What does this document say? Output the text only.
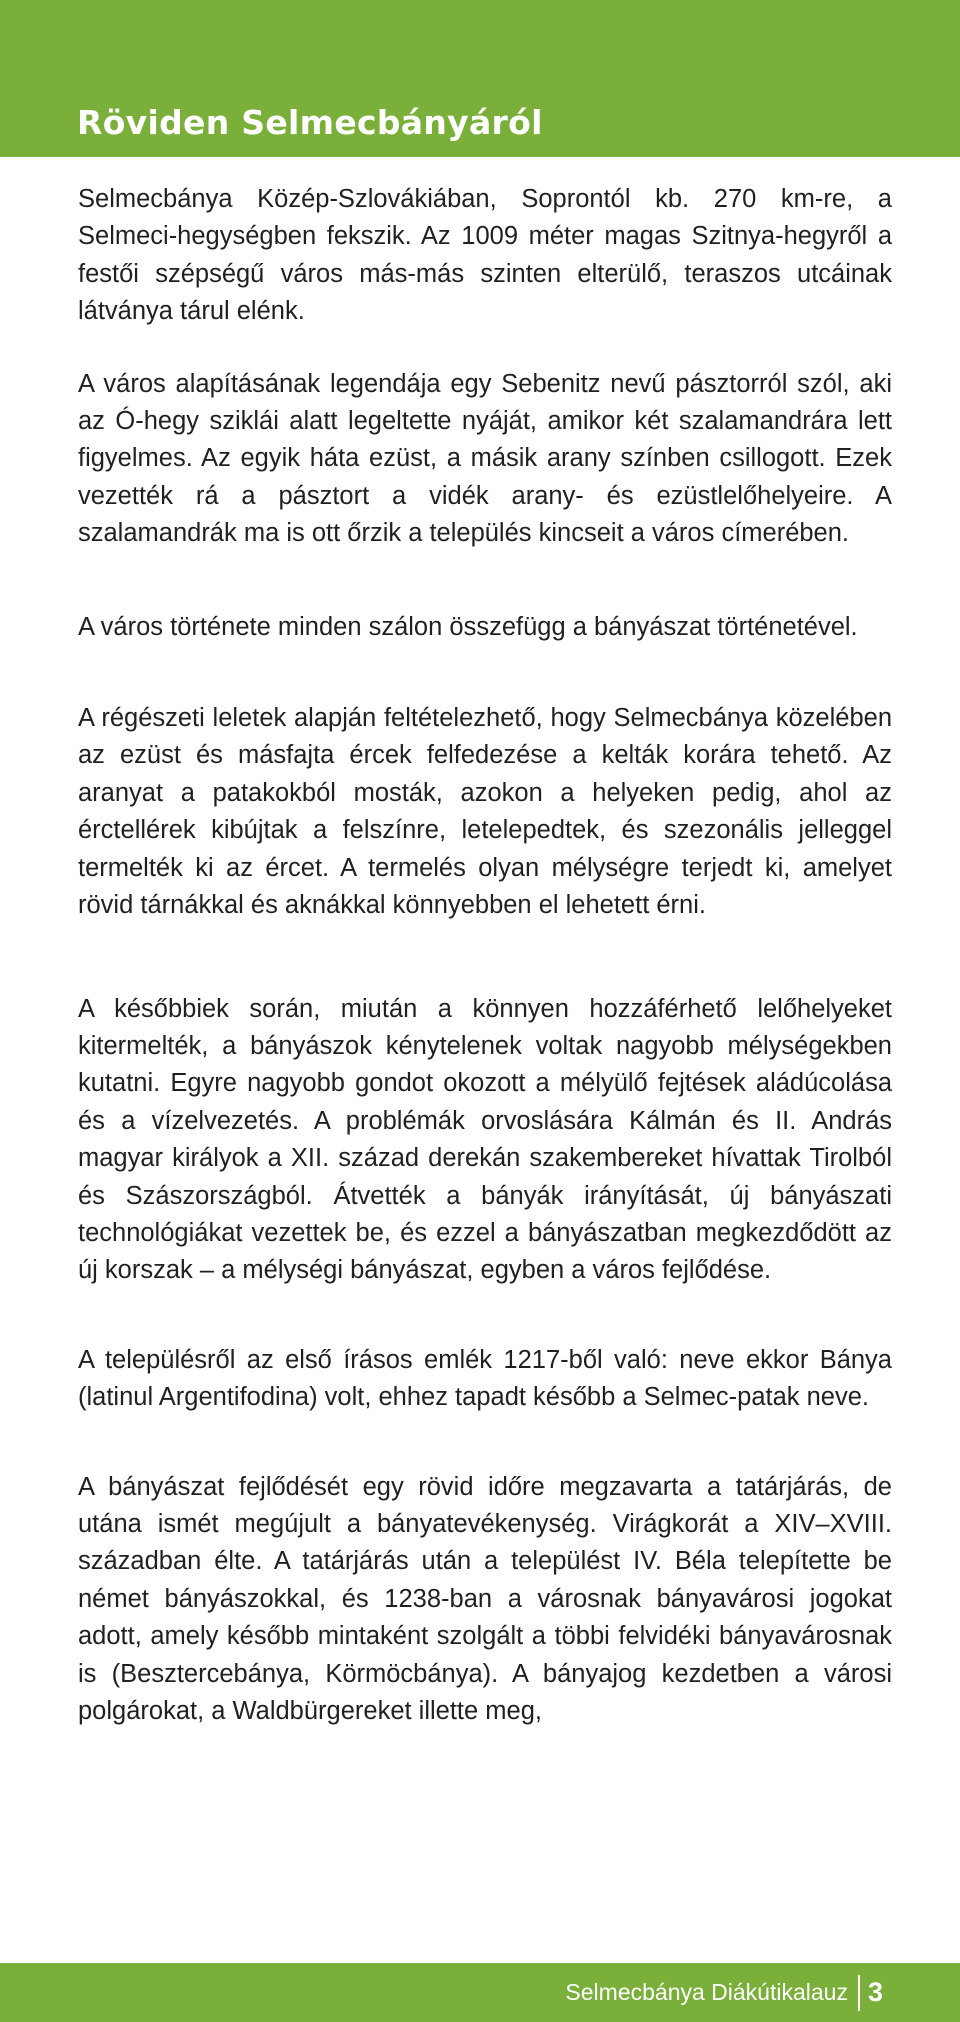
Röviden Selmecbányáról

Selmecbánya Közép-Szlovákiában, Soprontól kb. 270 km-re, a Selmeci-hegységben fekszik. Az 1009 méter magas Szitnya-hegyről a festői szépségű város más-más szinten elterülő, teraszos utcáinak látványa tárul elénk.

A város alapításának legendája egy Sebenitz nevű pásztorról szól, aki az Ó-hegy sziklái alatt legeltette nyáját, amikor két szalamandrára lett figyelmes. Az egyik háta ezüst, a másik arany színben csillogott. Ezek vezették rá a pásztort a vidék arany- és ezüstlelőhelyeire. A szalamandrák ma is ott őrzik a település kincseit a város címerében.

A város története minden szálon összefügg a bányászat történetével.

A régészeti leletek alapján feltételezhető, hogy Selmecbánya közelében az ezüst és másfajta ércek felfedezése a kelták korára tehető. Az aranyat a patakokból mosták, azokon a helyeken pedig, ahol az érctellérek kibújtak a felszínre, letelepedtek, és szezonális jelleggel termelték ki az ércet. A termelés olyan mélységre terjedt ki, amelyet rövid tárnákkal és aknákkal könnyebben el lehetett érni.

A későbbiek során, miután a könnyen hozzáférhető lelőhelyeket kitermelték, a bányászok kénytelenek voltak nagyobb mélységekben kutatni. Egyre nagyobb gondot okozott a mélyülő fejtések aládúcolása és a vízelvezetés. A problémák orvoslására Kálmán és II. András magyar királyok a XII. század derekán szakembereket hívattak Tirolból és Szászországból. Átvették a bányák irányítását, új bányászati technológiákat vezettek be, és ezzel a bányászatban megkezdődött az új korszak – a mélységi bányászat, egyben a város fejlődése.

A településről az első írásos emlék 1217-ből való: neve ekkor Bánya (latinul Argentifodina) volt, ehhez tapadt később a Selmec-patak neve.

A bányászat fejlődését egy rövid időre megzavarta a tatárjárás, de utána ismét megújult a bányatevékenység. Virágkorát a XIV–XVIII. században élte. A tatárjárás után a települést IV. Béla telepítette be német bányászokkal, és 1238-ban a városnak bányavárosi jogokat adott, amely később mintaként szolgált a többi felvidéki bányavárosnak is (Besztercebánya, Körmöcbánya). A bányajog kezdetben a városi polgárokat, a Waldbürgereket illette meg,

Selmecbánya Diákútikalauz 3
